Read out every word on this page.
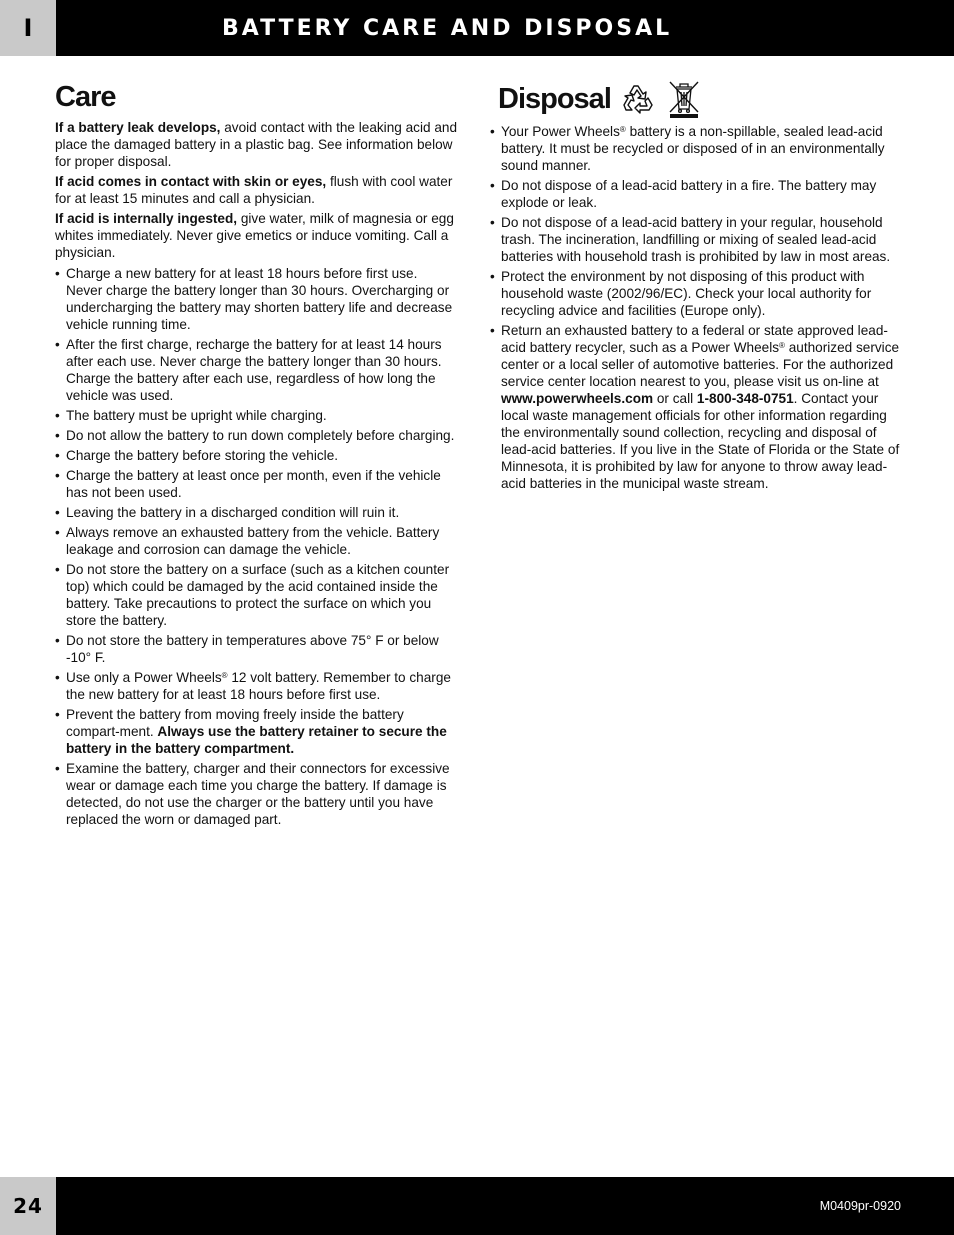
I	BATTERY CARE AND DISPOSAL
Care

If a battery leak develops, avoid contact with the leaking acid and place the damaged battery in a plastic bag. See information below for proper disposal.

If acid comes in contact with skin or eyes, flush with cool water for at least 15 minutes and call a physician.

If acid is internally ingested, give water, milk of magnesia or egg whites immediately. Never give emetics or induce vomiting. Call a physician.

• Charge a new battery for at least 18 hours before first use. Never charge the battery longer than 30 hours. Overcharging or undercharging the battery may shorten battery life and decrease vehicle running time.
• After the first charge, recharge the battery for at least 14 hours after each use. Never charge the battery longer than 30 hours. Charge the battery after each use, regardless of how long the vehicle was used.
• The battery must be upright while charging.
• Do not allow the battery to run down completely before charging.
• Charge the battery before storing the vehicle.
• Charge the battery at least once per month, even if the vehicle has not been used.
• Leaving the battery in a discharged condition will ruin it.
• Always remove an exhausted battery from the vehicle. Battery leakage and corrosion can damage the vehicle.
• Do not store the battery on a surface (such as a kitchen counter top) which could be damaged by the acid contained inside the battery. Take precautions to protect the surface on which you store the battery.
• Do not store the battery in temperatures above 75° F or below -10° F.
• Use only a Power Wheels® 12 volt battery. Remember to charge the new battery for at least 18 hours before first use.
• Prevent the battery from moving freely inside the battery compart-ment. Always use the battery retainer to secure the battery in the battery compartment.
• Examine the battery, charger and their connectors for excessive wear or damage each time you charge the battery. If damage is detected, do not use the charger or the battery until you have replaced the worn or damaged part.
Disposal
• Your Power Wheels® battery is a non-spillable, sealed lead-acid battery. It must be recycled or disposed of in an environmentally sound manner.
• Do not dispose of a lead-acid battery in a fire. The battery may explode or leak.
• Do not dispose of a lead-acid battery in your regular, household trash. The incineration, landfilling or mixing of sealed lead-acid batteries with household trash is prohibited by law in most areas.
• Protect the environment by not disposing of this product with household waste (2002/96/EC). Check your local authority for recycling advice and facilities (Europe only).
• Return an exhausted battery to a federal or state approved lead-acid battery recycler, such as a Power Wheels® authorized service center or a local seller of automotive batteries. For the authorized service center location nearest to you, please visit us on-line at www.powerwheels.com or call 1-800-348-0751. Contact your local waste management officials for other information regarding the environmentally sound collection, recycling and disposal of lead-acid batteries. If you live in the State of Florida or the State of Minnesota, it is prohibited by law for anyone to throw away lead-acid batteries in the municipal waste stream.
24	M0409pr-0920
